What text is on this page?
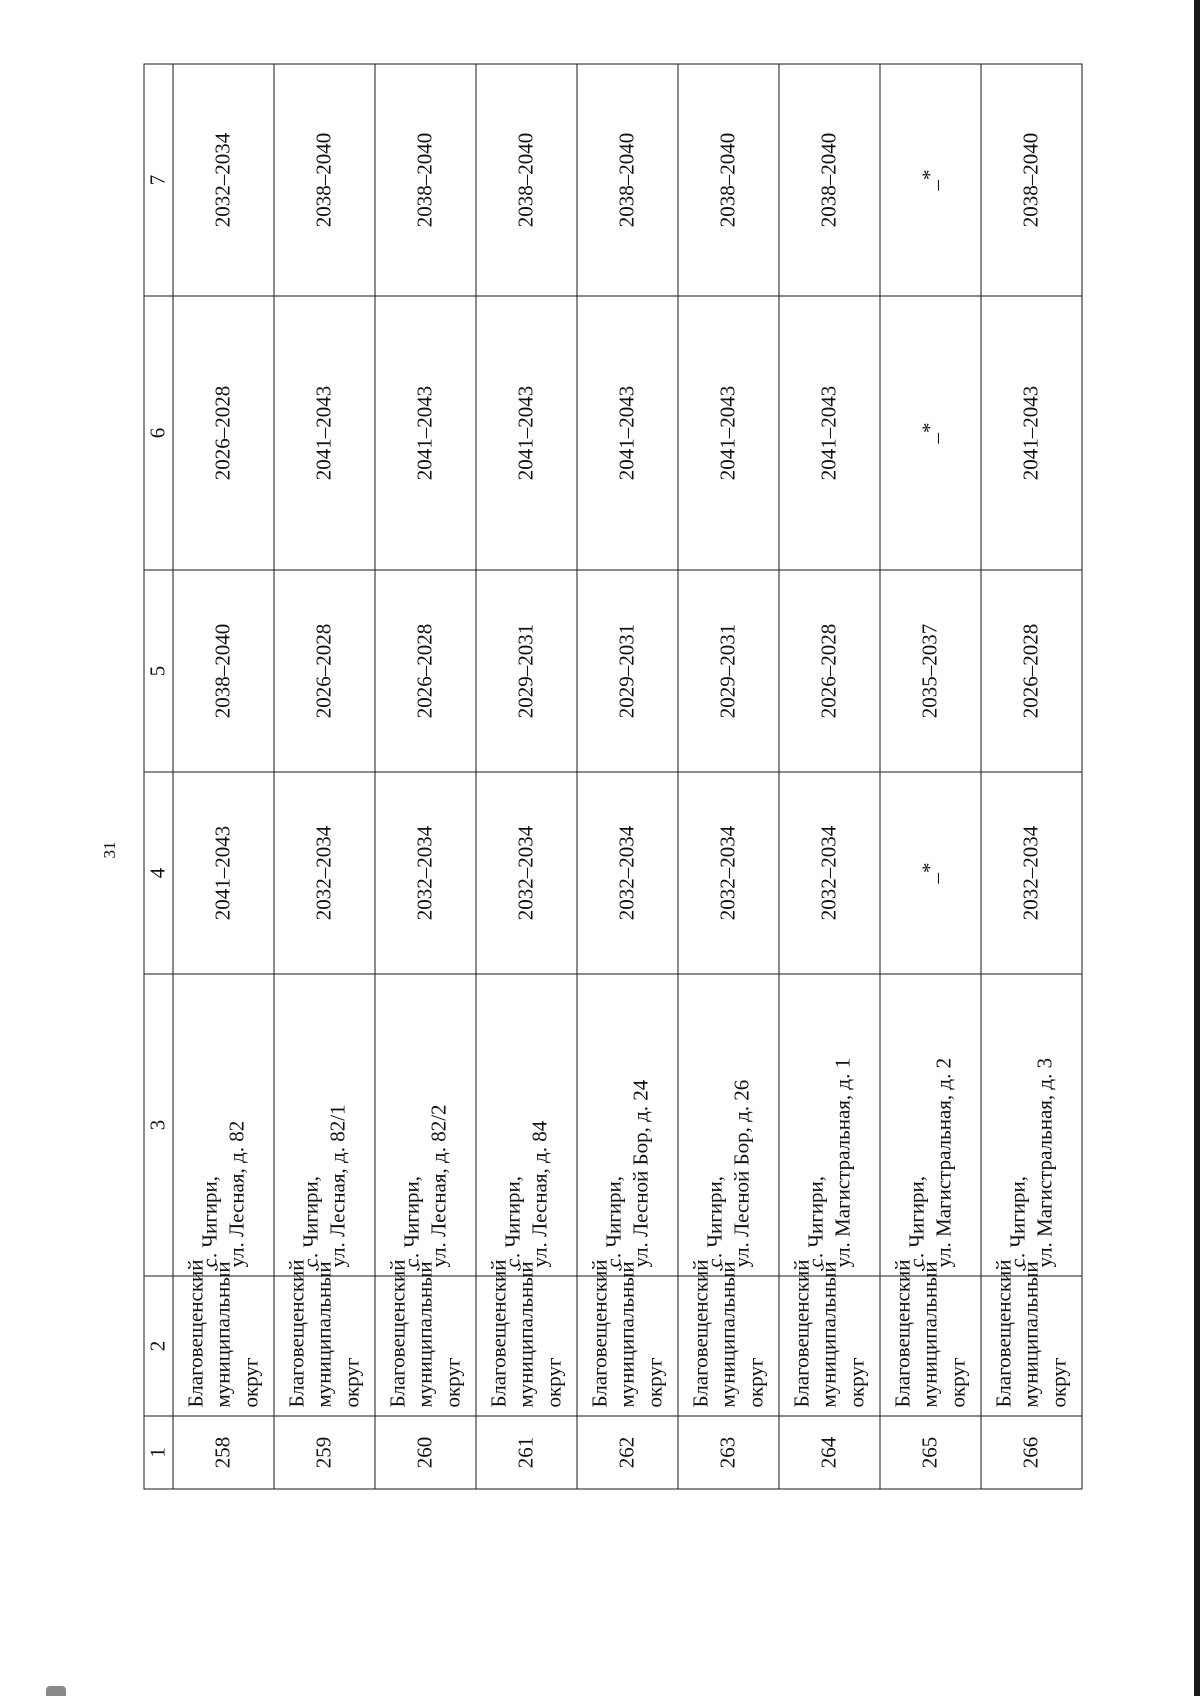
31
1	2	3	4	5	6	7
258	Благовещенский муниципальный округ	с. Чигири, ул. Лесная, д. 82	2041–2043	2038–2040	2026–2028	2032–2034
259	Благовещенский муниципальный округ	с. Чигири, ул. Лесная, д. 82/1	2032–2034	2026–2028	2041–2043	2038–2040
260	Благовещенский муниципальный округ	с. Чигири, ул. Лесная, д. 82/2	2032–2034	2026–2028	2041–2043	2038–2040
261	Благовещенский муниципальный округ	с. Чигири, ул. Лесная, д. 84	2032–2034	2029–2031	2041–2043	2038–2040
262	Благовещенский муниципальный округ	с. Чигири, ул. Лесной Бор, д. 24	2032–2034	2029–2031	2041–2043	2038–2040
263	Благовещенский муниципальный округ	с. Чигири, ул. Лесной Бор, д. 26	2032–2034	2029–2031	2041–2043	2038–2040
264	Благовещенский муниципальный округ	с. Чигири, ул. Магистральная, д. 1	2032–2034	2026–2028	2041–2043	2038–2040
265	Благовещенский муниципальный округ	с. Чигири, ул. Магистральная, д. 2	_*	2035–2037	_*	_*
266	Благовещенский муниципальный округ	с. Чигири, ул. Магистральная, д. 3	2032–2034	2026–2028	2041–2043	2038–2040
